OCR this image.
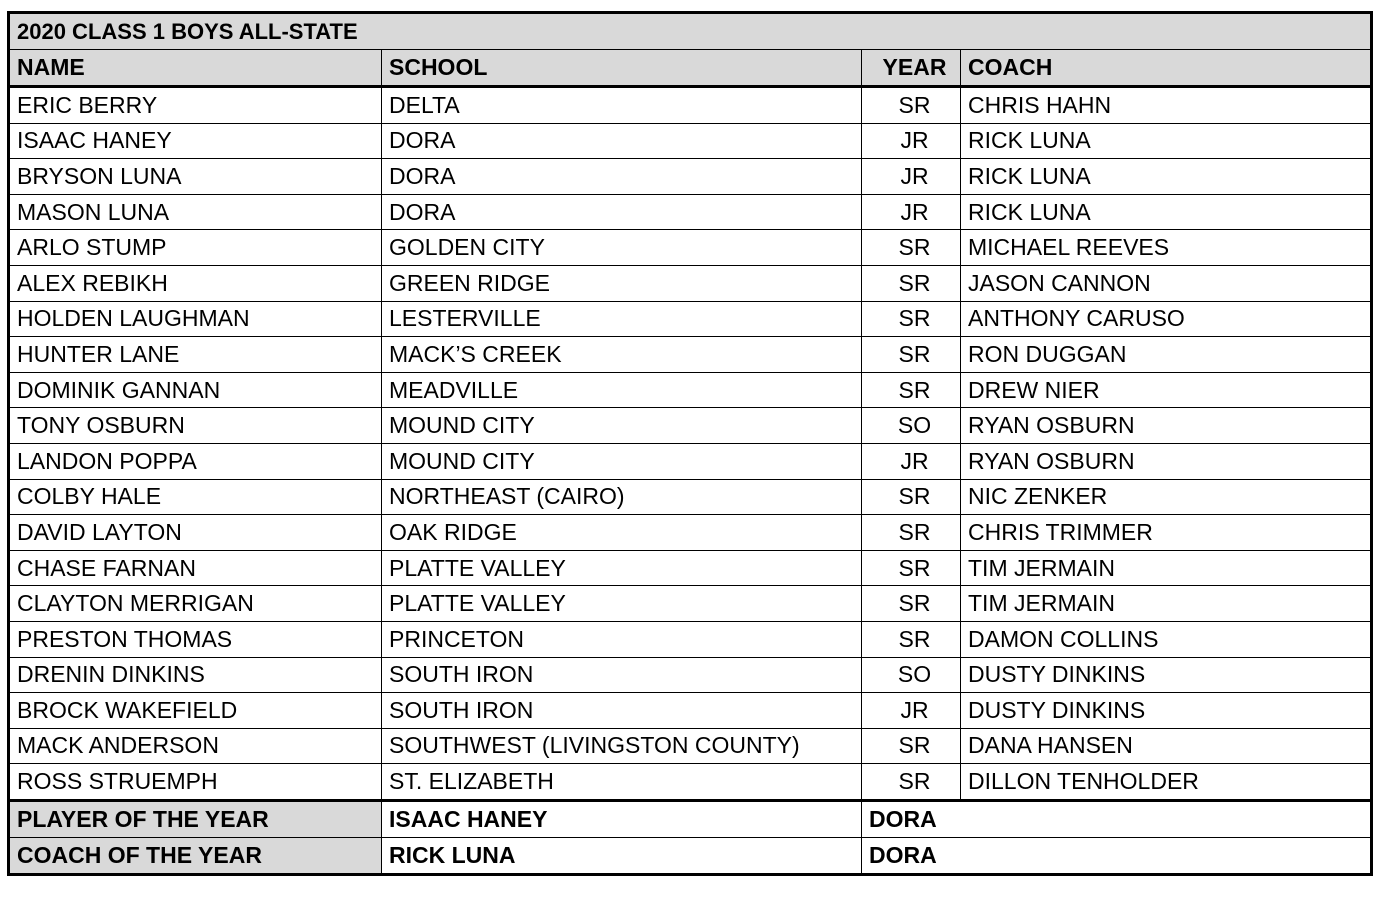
2020 CLASS 1 BOYS ALL-STATE			
NAME	SCHOOL	YEAR	COACH
ERIC BERRY	DELTA	SR	CHRIS HAHN
ISAAC HANEY	DORA	JR	RICK LUNA
BRYSON LUNA	DORA	JR	RICK LUNA
MASON LUNA	DORA	JR	RICK LUNA
ARLO STUMP	GOLDEN CITY	SR	MICHAEL REEVES
ALEX REBIKH	GREEN RIDGE	SR	JASON CANNON
HOLDEN LAUGHMAN	LESTERVILLE	SR	ANTHONY CARUSO
HUNTER LANE	MACK’S CREEK	SR	RON DUGGAN
DOMINIK GANNAN	MEADVILLE	SR	DREW NIER
TONY OSBURN	MOUND CITY	SO	RYAN OSBURN
LANDON POPPA	MOUND CITY	JR	RYAN OSBURN
COLBY HALE	NORTHEAST (CAIRO)	SR	NIC ZENKER
DAVID LAYTON	OAK RIDGE	SR	CHRIS TRIMMER
CHASE FARNAN	PLATTE VALLEY	SR	TIM JERMAIN
CLAYTON MERRIGAN	PLATTE VALLEY	SR	TIM JERMAIN
PRESTON THOMAS	PRINCETON	SR	DAMON COLLINS
DRENIN DINKINS	SOUTH IRON	SO	DUSTY DINKINS
BROCK WAKEFIELD	SOUTH IRON	JR	DUSTY DINKINS
MACK ANDERSON	SOUTHWEST (LIVINGSTON COUNTY)	SR	DANA HANSEN
ROSS STRUEMPH	ST. ELIZABETH	SR	DILLON TENHOLDER
PLAYER OF THE YEAR	ISAAC HANEY	DORA	
COACH OF THE YEAR	RICK LUNA	DORA	
